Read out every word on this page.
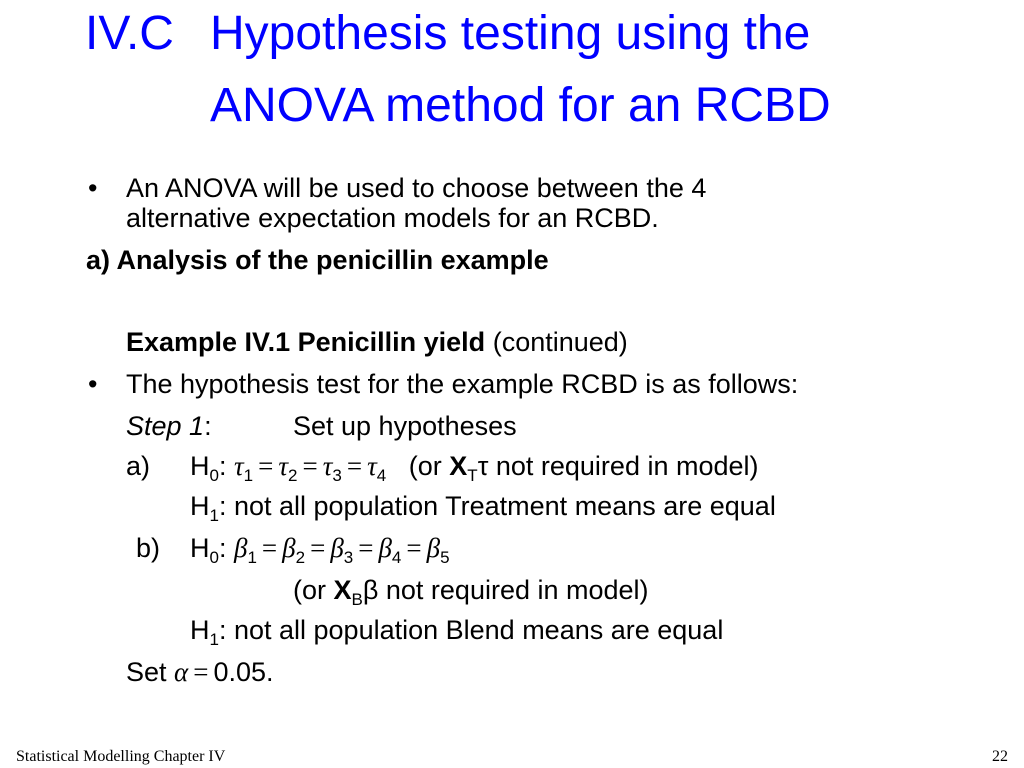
IV.C Hypothesis testing using the
ANOVA method for an RCBD
• An ANOVA will be used to choose between the 4
alternative expectation models for an RCBD.
a) Analysis of the penicillin example
Example IV.1 Penicillin yield (continued)
• The hypothesis test for the example RCBD is as follows:
Step 1:	Set up hypotheses
a) $H_0$: $\tau_1 = \tau_2 = \tau_3 = \tau_4$ (or $X_T\tau$ not required in model)
$H_1$: not all population Treatment means are equal
b) $H_0$: $\beta_1 = \beta_2 = \beta_3 = \beta_4 = \beta_5$
(or $X_B\beta$ not required in model)
$H_1$: not all population Blend means are equal
Set α = 0.05.
Statistical Modelling Chapter IV	22
